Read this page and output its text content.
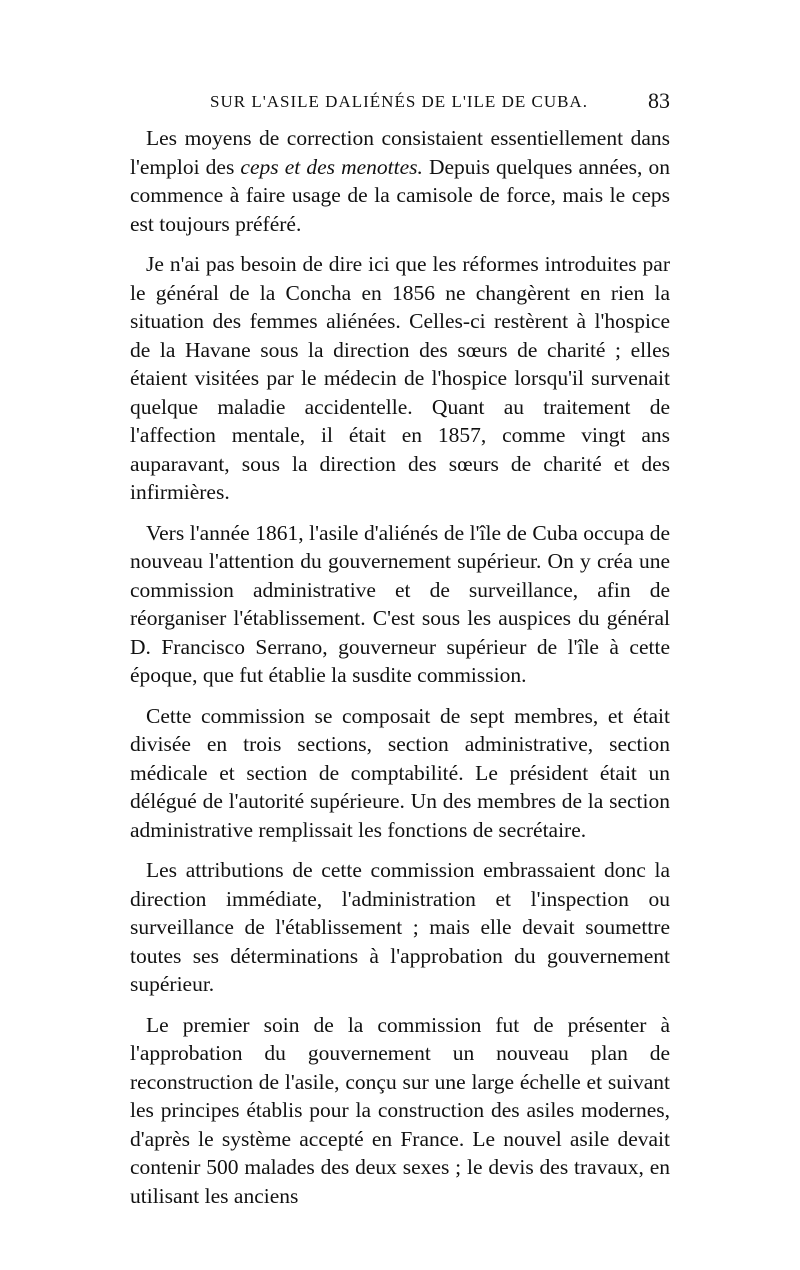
SUR L'ASILE DALIÉNÉS DE L'ILE DE CUBA.	83

Les moyens de correction consistaient essentiellement dans l'emploi des ceps et des menottes. Depuis quelques années, on commence à faire usage de la camisole de force, mais le ceps est toujours préféré.

Je n'ai pas besoin de dire ici que les réformes introduites par le général de la Concha en 1856 ne changèrent en rien la situation des femmes aliénées. Celles-ci restèrent à l'hospice de la Havane sous la direction des sœurs de charité ; elles étaient visitées par le médecin de l'hospice lorsqu'il survenait quelque maladie accidentelle. Quant au traitement de l'affection mentale, il était en 1857, comme vingt ans auparavant, sous la direction des sœurs de charité et des infirmières.

Vers l'année 1861, l'asile d'aliénés de l'île de Cuba occupa de nouveau l'attention du gouvernement supérieur. On y créa une commission administrative et de surveillance, afin de réorganiser l'établissement. C'est sous les auspices du général D. Francisco Serrano, gouverneur supérieur de l'île à cette époque, que fut établie la susdite commission.

Cette commission se composait de sept membres, et était divisée en trois sections, section administrative, section médicale et section de comptabilité. Le président était un délégué de l'autorité supérieure. Un des membres de la section administrative remplissait les fonctions de secrétaire.

Les attributions de cette commission embrassaient donc la direction immédiate, l'administration et l'inspection ou surveillance de l'établissement ; mais elle devait soumettre toutes ses déterminations à l'approbation du gouvernement supérieur.

Le premier soin de la commission fut de présenter à l'approbation du gouvernement un nouveau plan de reconstruction de l'asile, conçu sur une large échelle et suivant les principes établis pour la construction des asiles modernes, d'après le système accepté en France. Le nouvel asile devait contenir 500 malades des deux sexes ; le devis des travaux, en utilisant les anciens
